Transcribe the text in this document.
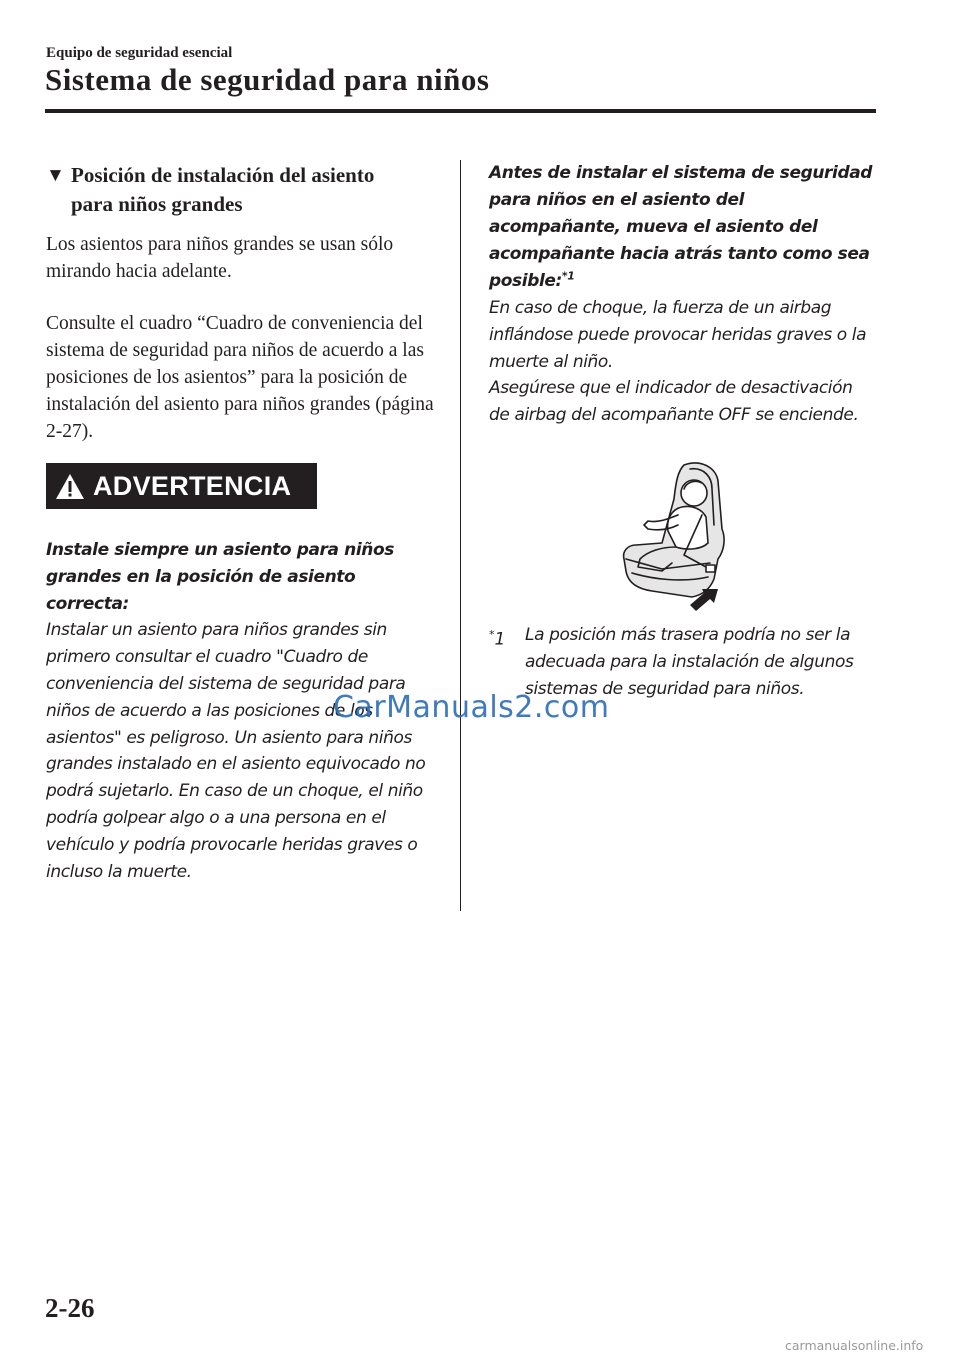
Equipo de seguridad esencial
Sistema de seguridad para niños
▼ Posición de instalación del asiento
para niños grandes

Los asientos para niños grandes se usan sólo mirando hacia adelante.

Consulte el cuadro “Cuadro de conveniencia del sistema de seguridad para niños de acuerdo a las posiciones de los asientos” para la posición de instalación del asiento para niños grandes (página 2-27).

ADVERTENCIA

Instale siempre un asiento para niños grandes en la posición de asiento correcta:

Instalar un asiento para niños grandes sin primero consultar el cuadro "Cuadro de conveniencia del sistema de seguridad para niños de acuerdo a las posiciones de los asientos" es peligroso. Un asiento para niños grandes instalado en el asiento equivocado no podrá sujetarlo. En caso de un choque, el niño podría golpear algo o a una persona en el vehículo y podría provocarle heridas graves o incluso la muerte.

Antes de instalar el sistema de seguridad para niños en el asiento del acompañante, mueva el asiento del acompañante hacia atrás tanto como sea posible:$^{*1}$

En caso de choque, la fuerza de un airbag inflándose puede provocar heridas graves o la muerte al niño.

Asegúrese que el indicador de desactivación de airbag del acompañante OFF se enciende.

*1	La posición más trasera podría no ser la adecuada para la instalación de algunos sistemas de seguridad para niños.

CarManuals2.com
2-26
carmanualsonline.info
